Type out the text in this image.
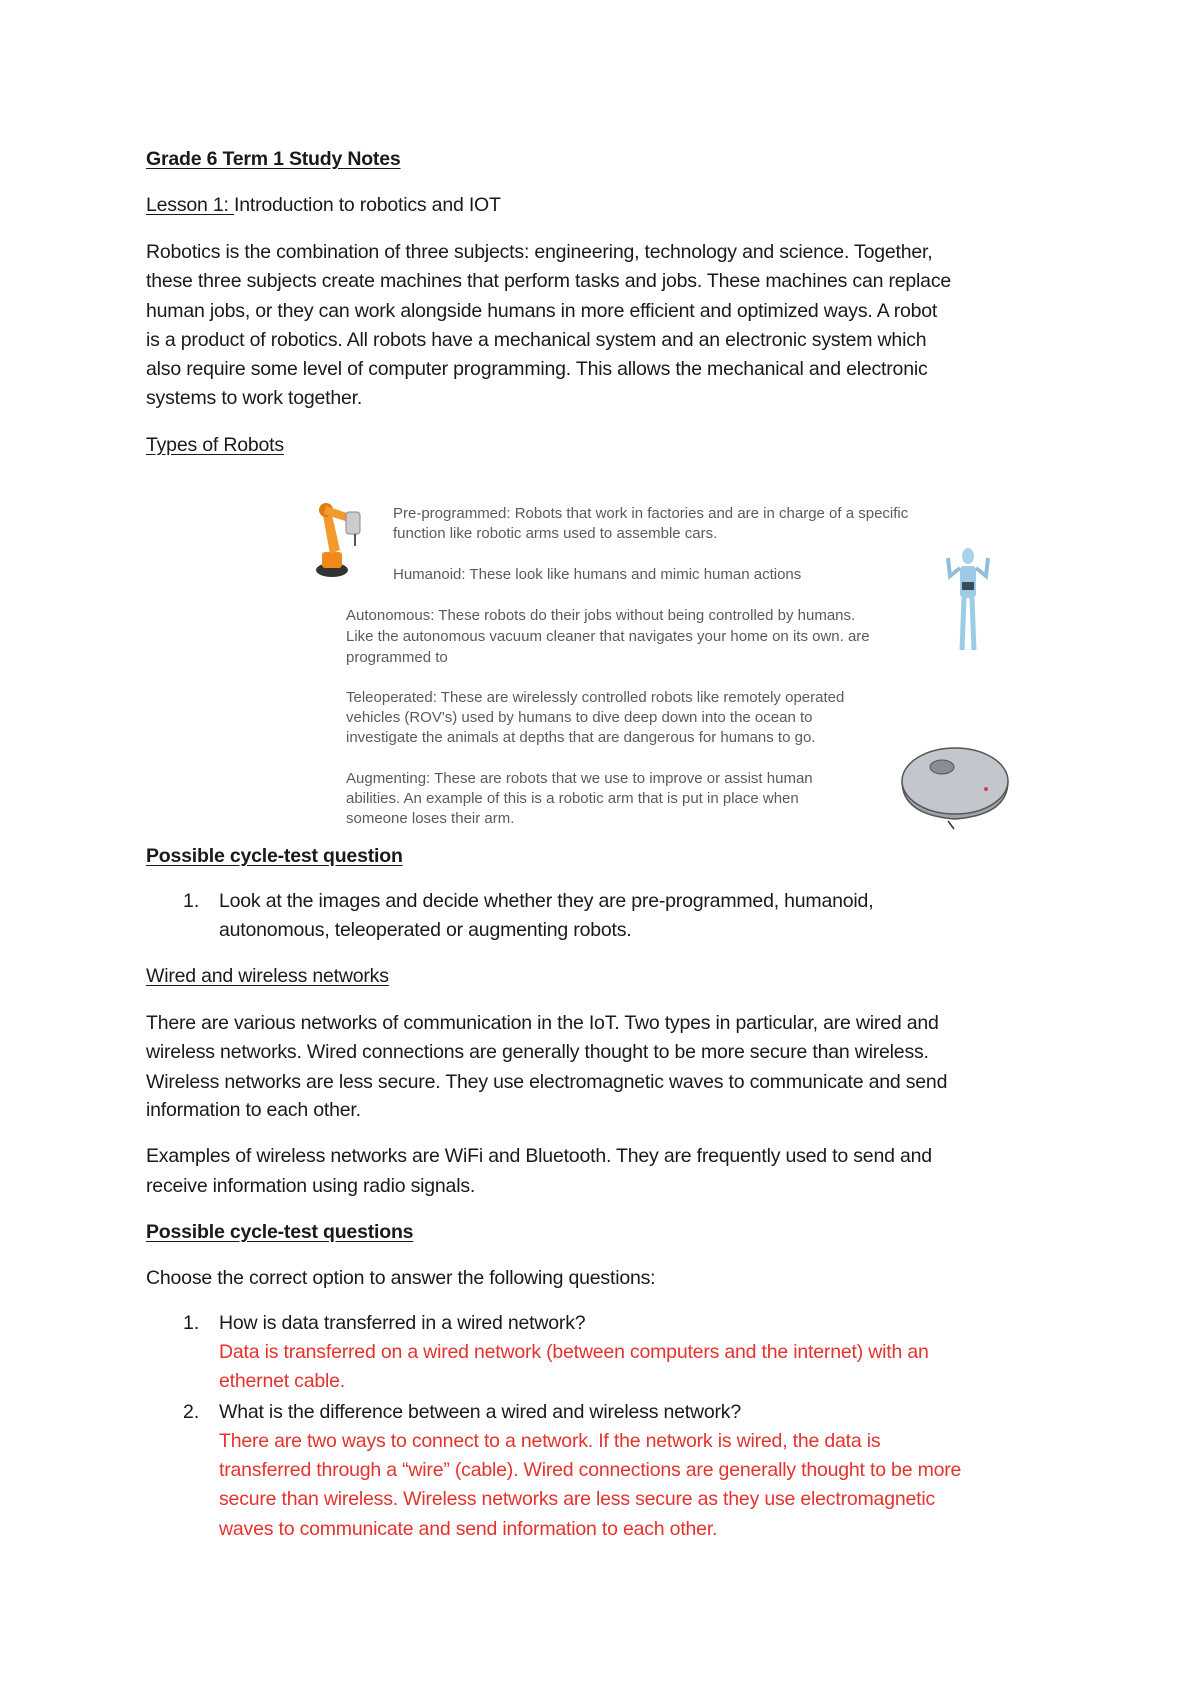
Grade 6 Term 1 Study Notes
Lesson 1: Introduction to robotics and IOT
Robotics is the combination of three subjects: engineering, technology and science. Together,
these three subjects create machines that perform tasks and jobs. These machines can replace
human jobs, or they can work alongside humans in more efficient and optimized ways. A robot
is a product of robotics. All robots have a mechanical system and an electronic system which
also require some level of computer programming. This allows the mechanical and electronic
systems to work together.
Types of Robots
Pre-programmed: Robots that work in factories and are in charge of a specific
function like robotic arms used to assemble cars.
Humanoid: These look like humans and mimic human actions
Autonomous: These robots do their jobs without being controlled by humans.
Like the autonomous vacuum cleaner that navigates your home on its own. are
programmed to
Teleoperated: These are wirelessly controlled robots like remotely operated
vehicles (ROV's) used by humans to dive deep down into the ocean to
investigate the animals at depths that are dangerous for humans to go.
Augmenting: These are robots that we use to improve or assist human
abilities. An example of this is a robotic arm that is put in place when
someone loses their arm.
Possible cycle-test question
1. Look at the images and decide whether they are pre-programmed, humanoid,
autonomous, teleoperated or augmenting robots.
Wired and wireless networks
There are various networks of communication in the IoT. Two types in particular, are wired and
wireless networks. Wired connections are generally thought to be more secure than wireless.
Wireless networks are less secure. They use electromagnetic waves to communicate and send
information to each other.
Examples of wireless networks are WiFi and Bluetooth. They are frequently used to send and
receive information using radio signals.
Possible cycle-test questions
Choose the correct option to answer the following questions:
1. How is data transferred in a wired network?
Data is transferred on a wired network (between computers and the internet) with an
ethernet cable.
2. What is the difference between a wired and wireless network?
There are two ways to connect to a network. If the network is wired, the data is
transferred through a “wire” (cable). Wired connections are generally thought to be more
secure than wireless. Wireless networks are less secure as they use electromagnetic
waves to communicate and send information to each other.
